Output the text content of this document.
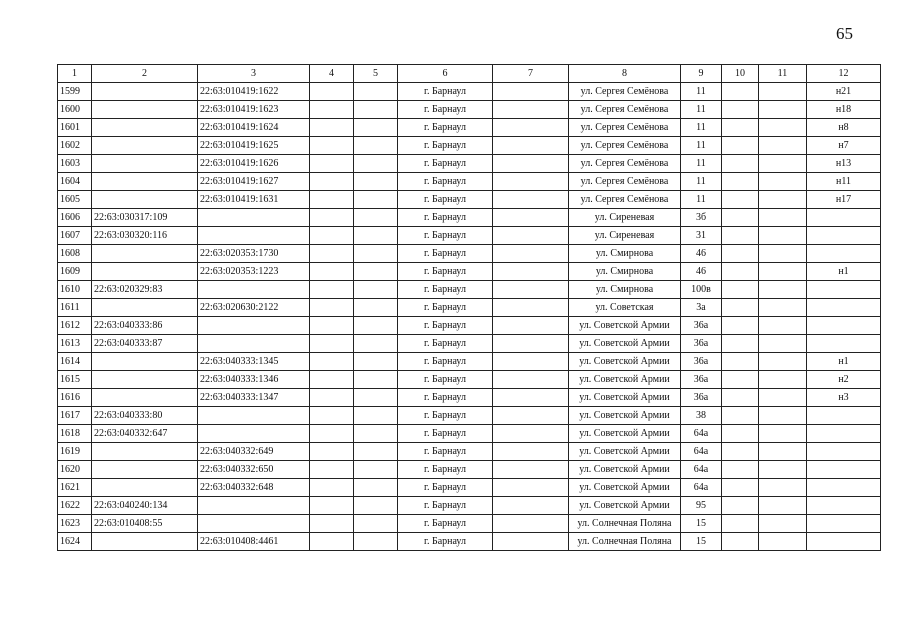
65
1	2	3	4	5	6	7	8	9	10	11	12
1599		22:63:010419:1622			г. Барнаул		ул. Сергея Семёнова	11			н21
1600		22:63:010419:1623			г. Барнаул		ул. Сергея Семёнова	11			н18
1601		22:63:010419:1624			г. Барнаул		ул. Сергея Семёнова	11			н8
1602		22:63:010419:1625			г. Барнаул		ул. Сергея Семёнова	11			н7
1603		22:63:010419:1626			г. Барнаул		ул. Сергея Семёнова	11			н13
1604		22:63:010419:1627			г. Барнаул		ул. Сергея Семёнова	11			н11
1605		22:63:010419:1631			г. Барнаул		ул. Сергея Семёнова	11			н17
1606	22:63:030317:109				г. Барнаул		ул. Сиреневая	3б			
1607	22:63:030320:116				г. Барнаул		ул. Сиреневая	31			
1608		22:63:020353:1730			г. Барнаул		ул. Смирнова	46			
1609		22:63:020353:1223			г. Барнаул		ул. Смирнова	46			н1
1610	22:63:020329:83				г. Барнаул		ул. Смирнова	100в			
1611		22:63:020630:2122			г. Барнаул		ул. Советская	3а			
1612	22:63:040333:86				г. Барнаул		ул. Советской Армии	36а			
1613	22:63:040333:87				г. Барнаул		ул. Советской Армии	36а			
1614		22:63:040333:1345			г. Барнаул		ул. Советской Армии	36а			н1
1615		22:63:040333:1346			г. Барнаул		ул. Советской Армии	36а			н2
1616		22:63:040333:1347			г. Барнаул		ул. Советской Армии	36а			н3
1617	22:63:040333:80				г. Барнаул		ул. Советской Армии	38			
1618	22:63:040332:647				г. Барнаул		ул. Советской Армии	64а			
1619		22:63:040332:649			г. Барнаул		ул. Советской Армии	64а			
1620		22:63:040332:650			г. Барнаул		ул. Советской Армии	64а			
1621		22:63:040332:648			г. Барнаул		ул. Советской Армии	64а			
1622	22:63:040240:134				г. Барнаул		ул. Советской Армии	95			
1623	22:63:010408:55				г. Барнаул		ул. Солнечная Поляна	15			
1624		22:63:010408:4461			г. Барнаул		ул. Солнечная Поляна	15			
